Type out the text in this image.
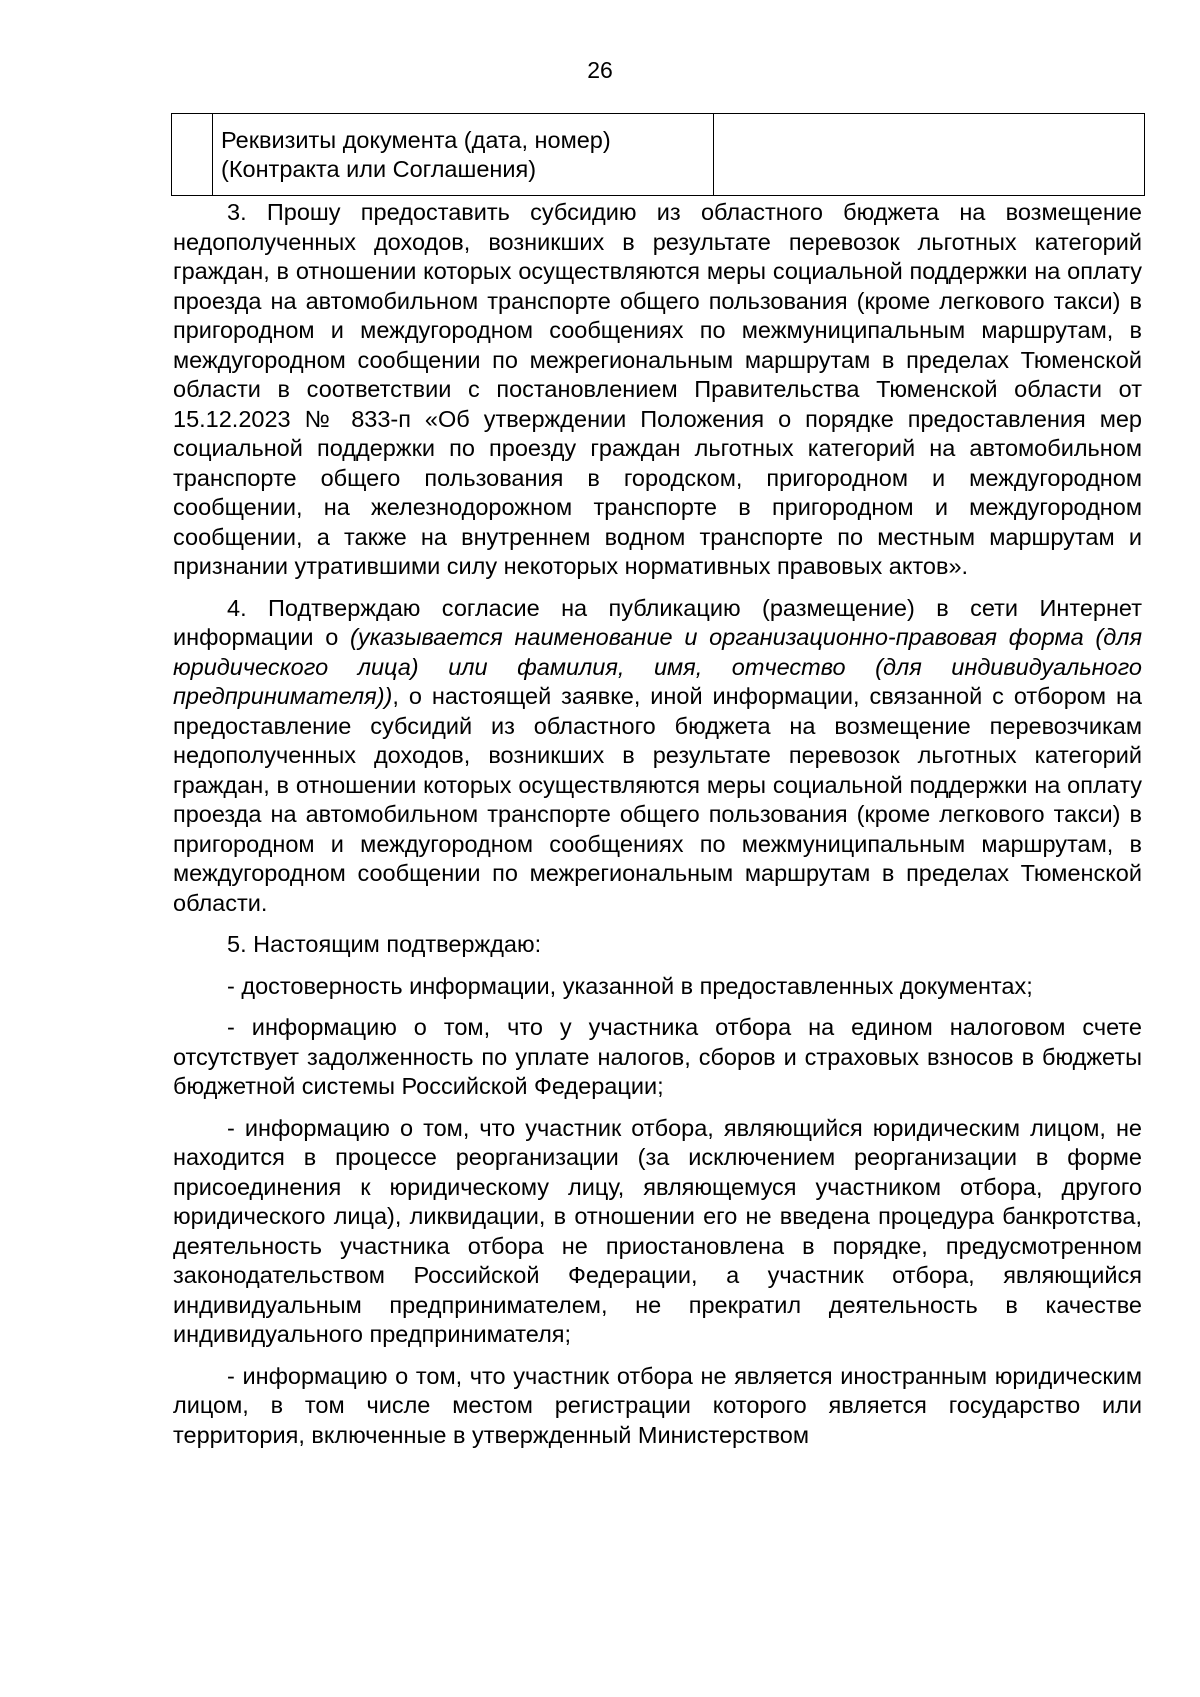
26

Реквизиты документа (дата, номер)
(Контракта или Соглашения)

3. Прошу предоставить субсидию из областного бюджета на возмещение недополученных доходов, возникших в результате перевозок льготных категорий граждан, в отношении которых осуществляются меры социальной поддержки на оплату проезда на автомобильном транспорте общего пользования (кроме легкового такси) в пригородном и междугородном сообщениях по межмуниципальным маршрутам, в междугородном сообщении по межрегиональным маршрутам в пределах Тюменской области в соответствии с постановлением Правительства Тюменской области от 15.12.2023 № 833-п «Об утверждении Положения о порядке предоставления мер социальной поддержки по проезду граждан льготных категорий на автомобильном транспорте общего пользования в городском, пригородном и междугородном сообщении, на железнодорожном транспорте в пригородном и междугородном сообщении, а также на внутреннем водном транспорте по местным маршрутам и признании утратившими силу некоторых нормативных правовых актов».

4. Подтверждаю согласие на публикацию (размещение) в сети Интернет информации о (указывается наименование и организационно-правовая форма (для юридического лица) или фамилия, имя, отчество (для индивидуального предпринимателя)), о настоящей заявке, иной информации, связанной с отбором на предоставление субсидий из областного бюджета на возмещение перевозчикам недополученных доходов, возникших в результате перевозок льготных категорий граждан, в отношении которых осуществляются меры социальной поддержки на оплату проезда на автомобильном транспорте общего пользования (кроме легкового такси) в пригородном и междугородном сообщениях по межмуниципальным маршрутам, в междугородном сообщении по межрегиональным маршрутам в пределах Тюменской области.

5. Настоящим подтверждаю:

- достоверность информации, указанной в предоставленных документах;

- информацию о том, что у участника отбора на едином налоговом счете отсутствует задолженность по уплате налогов, сборов и страховых взносов в бюджеты бюджетной системы Российской Федерации;

- информацию о том, что участник отбора, являющийся юридическим лицом, не находится в процессе реорганизации (за исключением реорганизации в форме присоединения к юридическому лицу, являющемуся участником отбора, другого юридического лица), ликвидации, в отношении его не введена процедура банкротства, деятельность участника отбора не приостановлена в порядке, предусмотренном законодательством Российской Федерации, а участник отбора, являющийся индивидуальным предпринимателем, не прекратил деятельность в качестве индивидуального предпринимателя;

- информацию о том, что участник отбора не является иностранным юридическим лицом, в том числе местом регистрации которого является государство или территория, включенные в утвержденный Министерством
